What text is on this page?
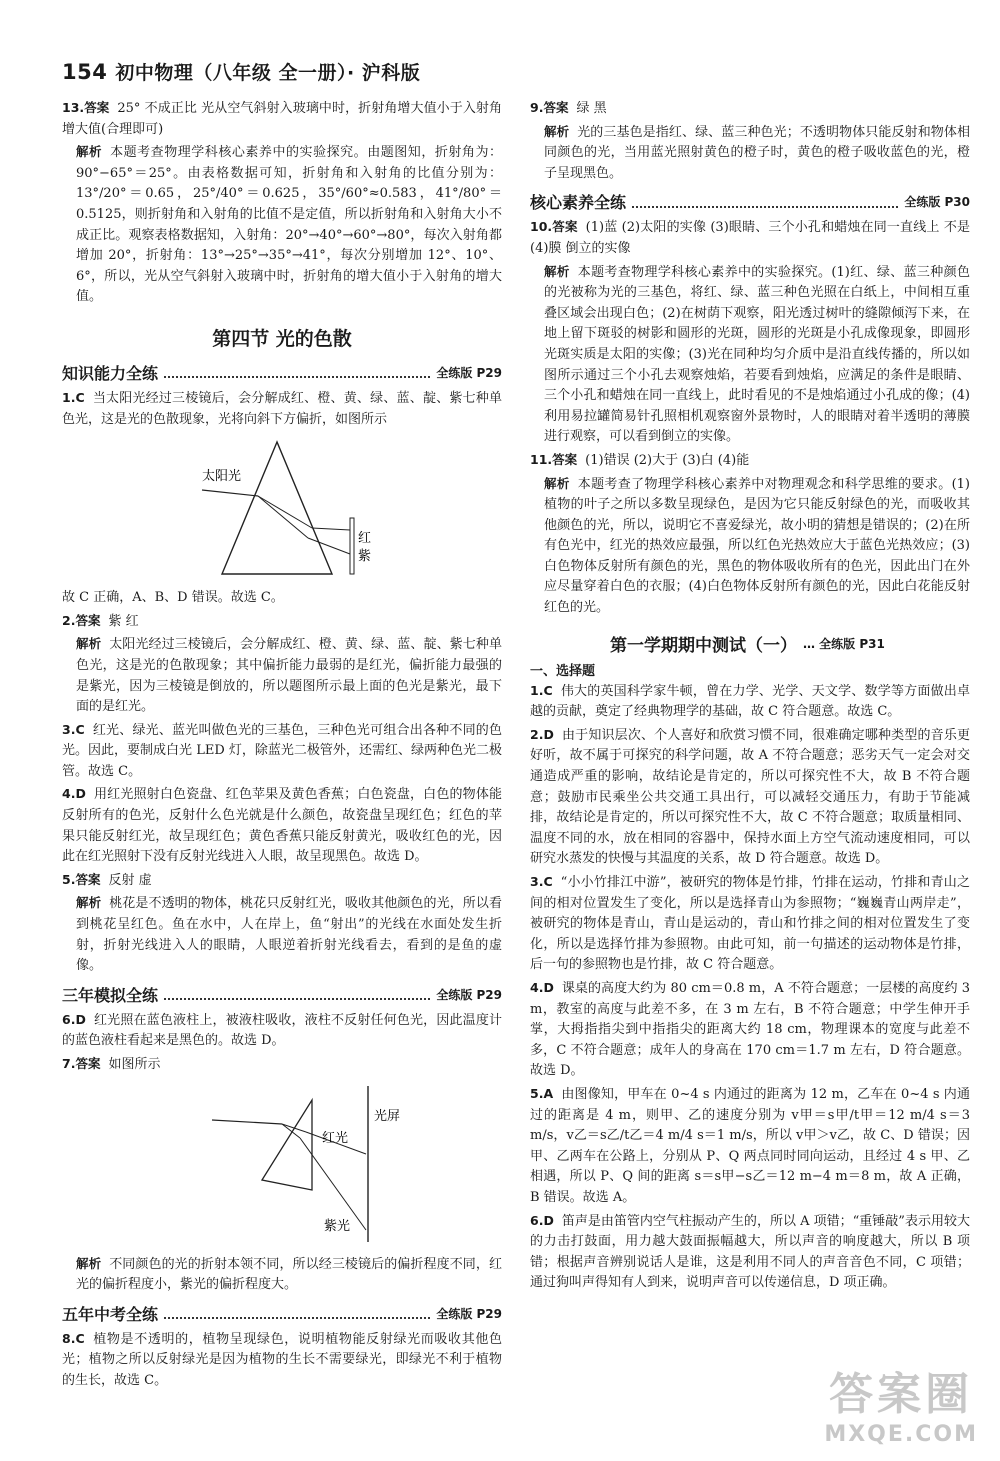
154 初中物理（八年级 全一册）· 沪科版

13.答案 25° 不成正比 光从空气斜射入玻璃中时，折射角增大值小于入射角增大值(合理即可)

解析 本题考查物理学科核心素养中的实验探究。由题图知，折射角为：90°−65°＝25°。由表格数据可知，折射角和入射角的比值分别为：13°/20°＝0.65，25°/40°＝0.625，35°/60°≈0.583，41°/80°＝0.5125，则折射角和入射角的比值不是定值，所以折射角和入射角大小不成正比。观察表格数据知，入射角：20°→40°→60°→80°，每次入射角都增加 20°，折射角：13°→25°→35°→41°，每次分别增加 12°、10°、6°，所以，光从空气斜射入玻璃中时，折射角的增大值小于入射角的增大值。

第四节 光的色散
知识能力全练	全练版 P29

1.C 当太阳光经过三棱镜后，会分解成红、橙、黄、绿、蓝、靛、紫七种单色光，这是光的色散现象，光将向斜下方偏折，如图所示

太阳光
红
紫

故 C 正确，A、B、D 错误。故选 C。

2.答案 紫 红

解析 太阳光经过三棱镜后，会分解成红、橙、黄、绿、蓝、靛、紫七种单色光，这是光的色散现象；其中偏折能力最弱的是红光，偏折能力最强的是紫光，因为三棱镜是倒放的，所以题图所示最上面的色光是紫光，最下面的是红光。

3.C 红光、绿光、蓝光叫做色光的三基色，三种色光可组合出各种不同的色光。因此，要制成白光 LED 灯，除蓝光二极管外，还需红、绿两种色光二极管。故选 C。

4.D 用红光照射白色瓷盘、红色苹果及黄色香蕉；白色瓷盘，白色的物体能反射所有的色光，反射什么色光就是什么颜色，故瓷盘呈现红色；红色的苹果只能反射红光，故呈现红色；黄色香蕉只能反射黄光，吸收红色的光，因此在红光照射下没有反射光线进入人眼，故呈现黑色。故选 D。

5.答案 反射 虚

解析 桃花是不透明的物体，桃花只反射红光，吸收其他颜色的光，所以看到桃花呈红色。鱼在水中，人在岸上，鱼“射出”的光线在水面处发生折射，折射光线进入人的眼睛，人眼逆着折射光线看去，看到的是鱼的虚像。

三年模拟全练	全练版 P29

6.D 红光照在蓝色液柱上，被液柱吸收，液柱不反射任何色光，因此温度计的蓝色液柱看起来是黑色的。故选 D。

7.答案 如图所示

红光
光屏
紫光

解析 不同颜色的光的折射本领不同，所以经三棱镜后的偏折程度不同，红光的偏折程度小，紫光的偏折程度大。

五年中考全练	全练版 P29

8.C 植物是不透明的，植物呈现绿色，说明植物能反射绿光而吸收其他色光；植物之所以反射绿光是因为植物的生长不需要绿光，即绿光不利于植物的生长，故选 C。

9.答案 绿 黑

解析 光的三基色是指红、绿、蓝三种色光；不透明物体只能反射和物体相同颜色的光，当用蓝光照射黄色的橙子时，黄色的橙子吸收蓝色的光，橙子呈现黑色。

核心素养全练	全练版 P30

10.答案 (1)蓝 (2)太阳的实像 (3)眼睛、三个小孔和蜡烛在同一直线上 不是 (4)膜 倒立的实像

解析 本题考查物理学科核心素养中的实验探究。(1)红、绿、蓝三种颜色的光被称为光的三基色，将红、绿、蓝三种色光照在白纸上，中间相互重叠区域会出现白色；(2)在树荫下观察，阳光透过树叶的缝隙倾泻下来，在地上留下斑驳的树影和圆形的光斑，圆形的光斑是小孔成像现象，即圆形光斑实质是太阳的实像；(3)光在同种均匀介质中是沿直线传播的，所以如图所示通过三个小孔去观察烛焰，若要看到烛焰，应满足的条件是眼睛、三个小孔和蜡烛在同一直线上，此时看见的不是烛焰通过小孔成的像；(4)利用易拉罐简易针孔照相机观察窗外景物时，人的眼睛对着半透明的薄膜进行观察，可以看到倒立的实像。

11.答案 (1)错误 (2)大于 (3)白 (4)能

解析 本题考查了物理学科核心素养中对物理观念和科学思维的要求。(1)植物的叶子之所以多数呈现绿色，是因为它只能反射绿色的光，而吸收其他颜色的光，所以，说明它不喜爱绿光，故小明的猜想是错误的；(2)在所有色光中，红光的热效应最强，所以红色光热效应大于蓝色光热效应；(3)白色物体反射所有颜色的光，黑色的物体吸收所有的色光，因此出门在外应尽量穿着白色的衣服；(4)白色物体反射所有颜色的光，因此白花能反射红色的光。

第一学期期中测试（一） … 全练版 P31
一、选择题

1.C 伟大的英国科学家牛顿，曾在力学、光学、天文学、数学等方面做出卓越的贡献，奠定了经典物理学的基础，故 C 符合题意。故选 C。

2.D 由于知识层次、个人喜好和欣赏习惯不同，很难确定哪种类型的音乐更好听，故不属于可探究的科学问题，故 A 不符合题意；恶劣天气一定会对交通造成严重的影响，故结论是肯定的，所以可探究性不大，故 B 不符合题意；鼓励市民乘坐公共交通工具出行，可以减轻交通压力，有助于节能减排，故结论是肯定的，所以可探究性不大，故 C 不符合题意；取质量相同、温度不同的水，放在相同的容器中，保持水面上方空气流动速度相同，可以研究水蒸发的快慢与其温度的关系，故 D 符合题意。故选 D。

3.C “小小竹排江中游”，被研究的物体是竹排，竹排在运动，竹排和青山之间的相对位置发生了变化，所以是选择青山为参照物；“巍巍青山两岸走”，被研究的物体是青山，青山是运动的，青山和竹排之间的相对位置发生了变化，所以是选择竹排为参照物。由此可知，前一句描述的运动物体是竹排，后一句的参照物也是竹排，故 C 符合题意。

4.D 课桌的高度大约为 80 cm＝0.8 m，A 不符合题意；一层楼的高度约 3 m，教室的高度与此差不多，在 3 m 左右，B 不符合题意；中学生伸开手掌，大拇指指尖到中指指尖的距离大约 18 cm，物理课本的宽度与此差不多，C 不符合题意；成年人的身高在 170 cm＝1.7 m 左右，D 符合题意。故选 D。

5.A 由图像知，甲车在 0~4 s 内通过的距离为 12 m，乙车在 0~4 s 内通过的距离是 4 m，则甲、乙的速度分别为 v甲＝s甲/t甲＝12 m/4 s＝3 m/s，v乙＝s乙/t乙＝4 m/4 s＝1 m/s，所以 v甲＞v乙，故 C、D 错误；因甲、乙两车在公路上，分别从 P、Q 两点同时同向运动，且经过 4 s 甲、乙相遇，所以 P、Q 间的距离 s＝s甲−s乙＝12 m−4 m＝8 m，故 A 正确，B 错误。故选 A。

6.D 笛声是由笛管内空气柱振动产生的，所以 A 项错；“重锤敲”表示用较大的力击打鼓面，用力越大鼓面振幅越大，所以声音的响度越大，所以 B 项错；根据声音辨别说话人是谁，这是利用不同人的声音音色不同，C 项错；通过狗叫声得知有人到来，说明声音可以传递信息，D 项正确。

答案圈
MXQE.COM
